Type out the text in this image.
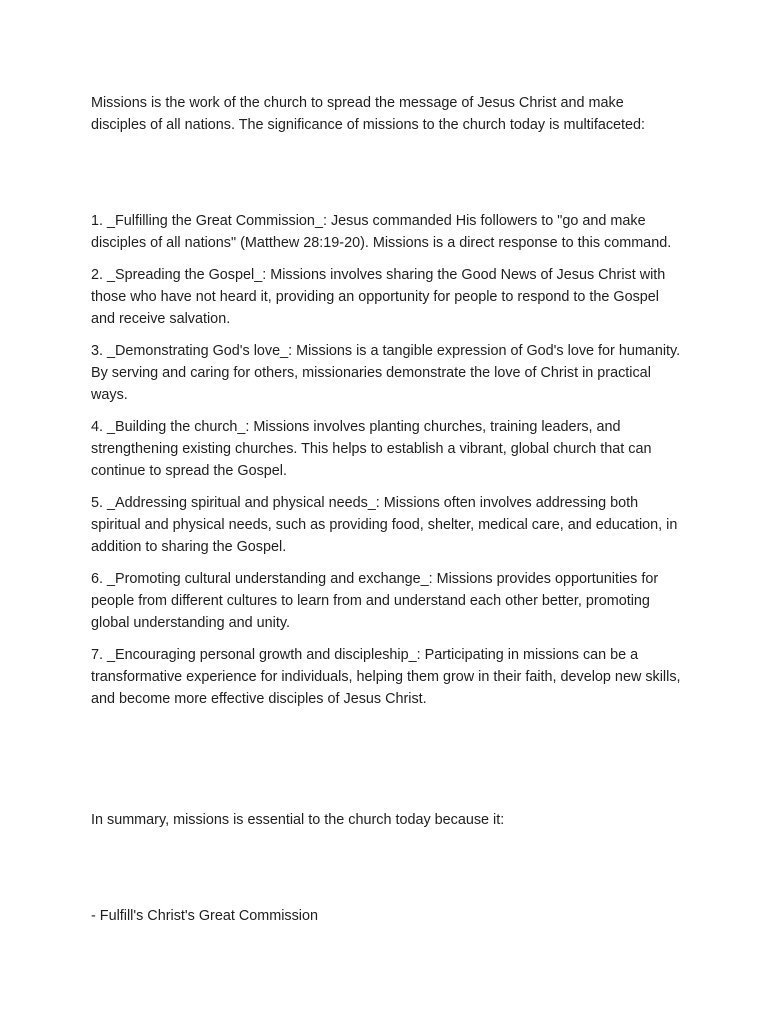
Missions is the work of the church to spread the message of Jesus Christ and make disciples of all nations. The significance of missions to the church today is multifaceted:

1. _Fulfilling the Great Commission_: Jesus commanded His followers to "go and make disciples of all nations" (Matthew 28:19-20). Missions is a direct response to this command.

2. _Spreading the Gospel_: Missions involves sharing the Good News of Jesus Christ with those who have not heard it, providing an opportunity for people to respond to the Gospel and receive salvation.

3. _Demonstrating God's love_: Missions is a tangible expression of God's love for humanity. By serving and caring for others, missionaries demonstrate the love of Christ in practical ways.

4. _Building the church_: Missions involves planting churches, training leaders, and strengthening existing churches. This helps to establish a vibrant, global church that can continue to spread the Gospel.

5. _Addressing spiritual and physical needs_: Missions often involves addressing both spiritual and physical needs, such as providing food, shelter, medical care, and education, in addition to sharing the Gospel.

6. _Promoting cultural understanding and exchange_: Missions provides opportunities for people from different cultures to learn from and understand each other better, promoting global understanding and unity.

7. _Encouraging personal growth and discipleship_: Participating in missions can be a transformative experience for individuals, helping them grow in their faith, develop new skills, and become more effective disciples of Jesus Christ.

In summary, missions is essential to the church today because it:

- Fulfill's Christ's Great Commission
